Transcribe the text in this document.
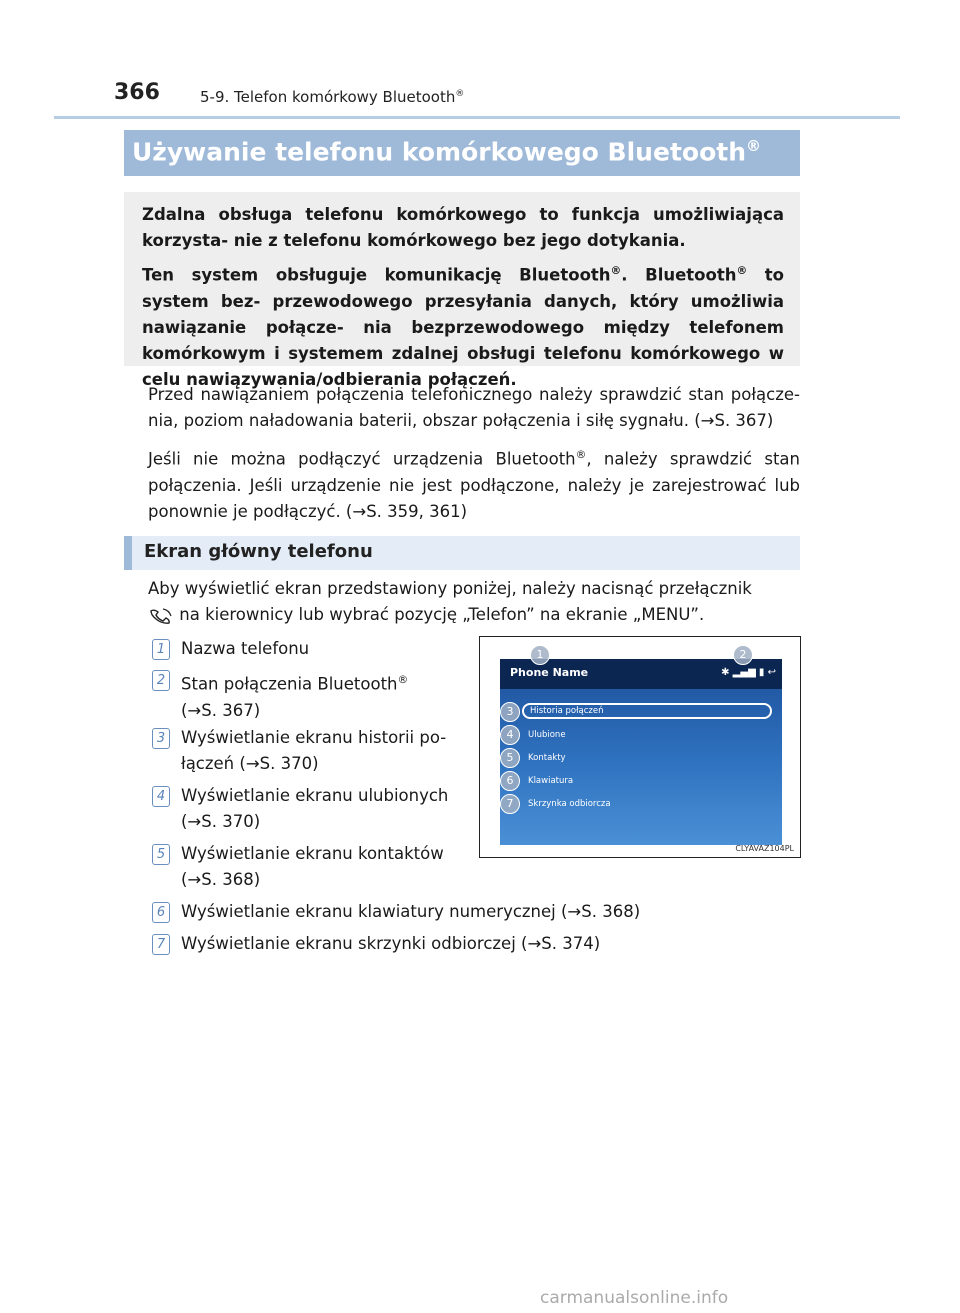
366	5-9. Telefon komórkowy Bluetooth®
Używanie telefonu komórkowego Bluetooth®

Zdalna obsługa telefonu komórkowego to funkcja umożliwiająca korzysta- nie z telefonu komórkowego bez jego dotykania.

Ten system obsługuje komunikację Bluetooth®. Bluetooth® to system bez- przewodowego przesyłania danych, który umożliwia nawiązanie połącze- nia bezprzewodowego między telefonem komórkowym i systemem zdalnej obsługi telefonu komórkowego w celu nawiązywania/odbierania połączeń.

Przed nawiązaniem połączenia telefonicznego należy sprawdzić stan połącze- nia, poziom naładowania baterii, obszar połączenia i siłę sygnału. (→S. 367)
Jeśli nie można podłączyć urządzenia Bluetooth®, należy sprawdzić stan połączenia. Jeśli urządzenie nie jest podłączone, należy je zarejestrować lub ponownie je podłączyć. (→S. 359, 361)
Ekran główny telefonu
Aby wyświetlić ekran przedstawiony poniżej, należy nacisnąć przełącznik
na kierownicy lub wybrać pozycję „Telefon” na ekranie „MENU”.
1 Nazwa telefonu
2 Stan połączenia Bluetooth®
(→S. 367)
3 Wyświetlanie ekranu historii po-
łączeń (→S. 370)
4 Wyświetlanie ekranu ulubionych
(→S. 370)
5 Wyświetlanie ekranu kontaktów
(→S. 368)
6 Wyświetlanie ekranu klawiatury numerycznej (→S. 368)
7 Wyświetlanie ekranu skrzynki odbiorczej (→S. 374)
Phone Name	✱ ▂▄▆ ▮ ↩
Historia połączeń
Ulubione
Kontakty
Klawiatura
Skrzynka odbiorcza
3
4
5
6
7
1	2
CLYAVAZ104PL
carmanualsonline.info
